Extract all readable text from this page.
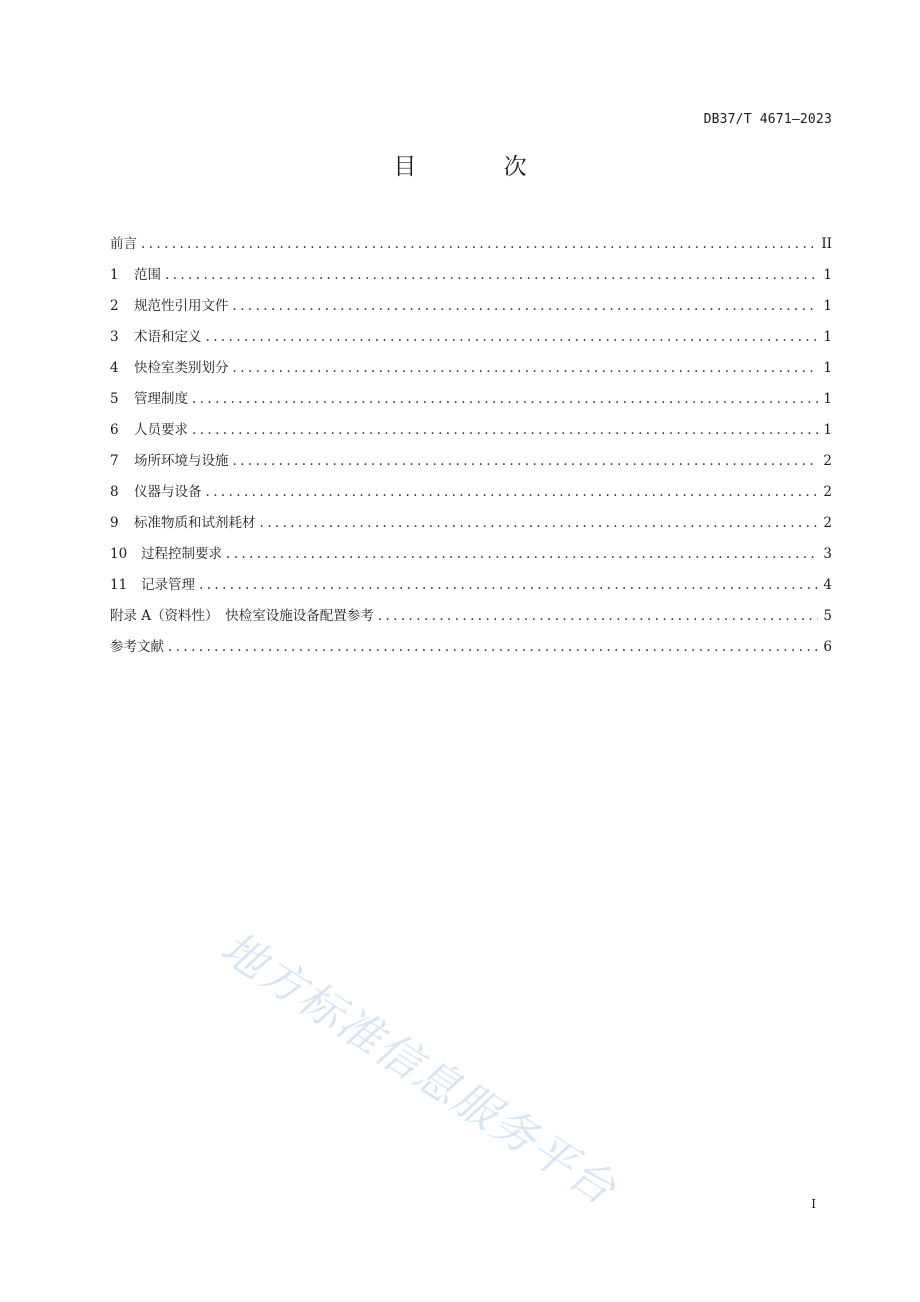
DB37/T 4671—2023
目 次
前言 .....	II
1	范围 .....	1
2	规范性引用文件 .....	1
3	术语和定义 .....	1
4	快检室类别划分 .....	1
5	管理制度 .....	1
6	人员要求 .....	1
7	场所环境与设施 .....	2
8	仪器与设备 .....	2
9	标准物质和试剂耗材 .....	2
10	过程控制要求 .....	3
11	记录管理 .....	4
附录 A（资料性）　快检室设施设备配置参考 .....	5
参考文献 .....	6
地方标准信息服务平台	I
